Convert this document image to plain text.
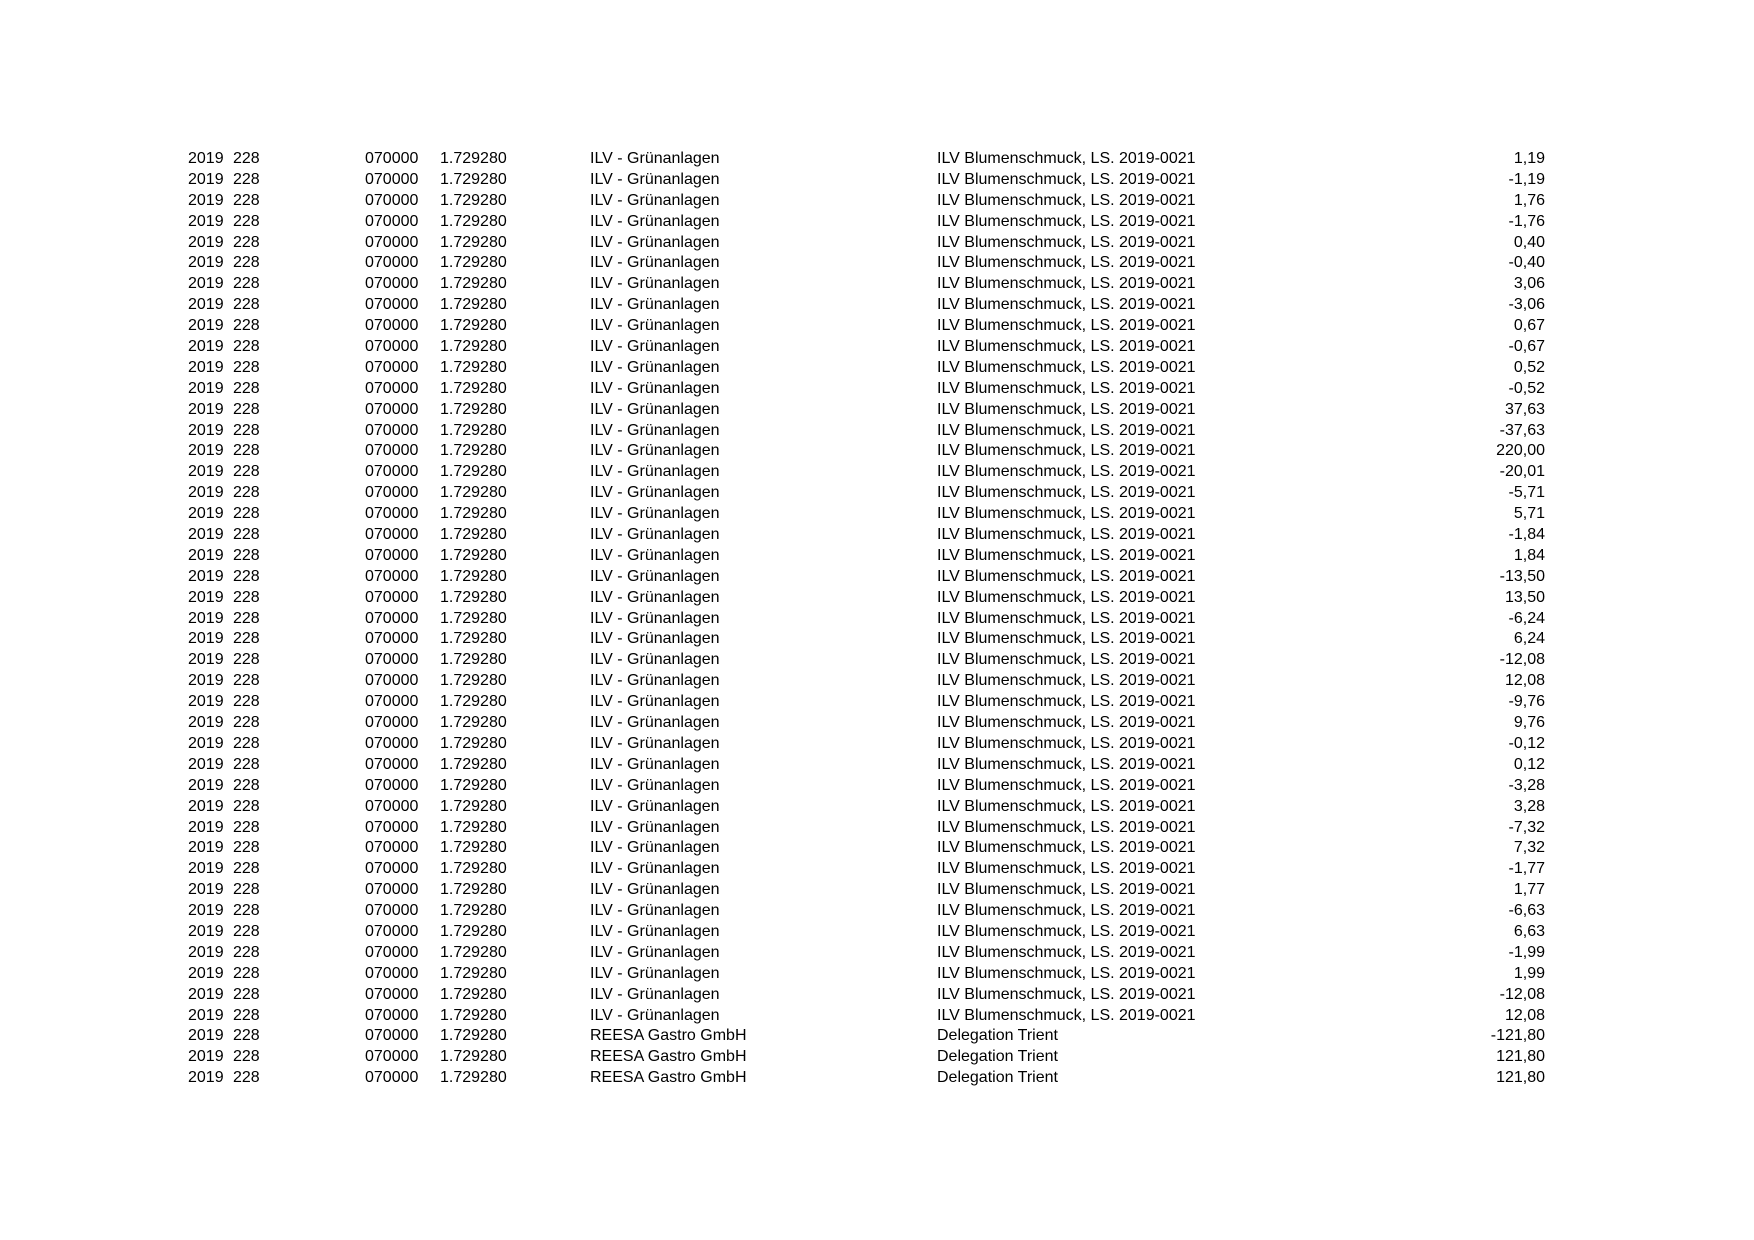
2019 228	070000 1.729280	ILV - Grünanlagen	ILV Blumenschmuck, LS. 2019-0021	1,19
2019 228	070000 1.729280	ILV - Grünanlagen	ILV Blumenschmuck, LS. 2019-0021	-1,19
2019 228	070000 1.729280	ILV - Grünanlagen	ILV Blumenschmuck, LS. 2019-0021	1,76
2019 228	070000 1.729280	ILV - Grünanlagen	ILV Blumenschmuck, LS. 2019-0021	-1,76
2019 228	070000 1.729280	ILV - Grünanlagen	ILV Blumenschmuck, LS. 2019-0021	0,40
2019 228	070000 1.729280	ILV - Grünanlagen	ILV Blumenschmuck, LS. 2019-0021	-0,40
2019 228	070000 1.729280	ILV - Grünanlagen	ILV Blumenschmuck, LS. 2019-0021	3,06
2019 228	070000 1.729280	ILV - Grünanlagen	ILV Blumenschmuck, LS. 2019-0021	-3,06
2019 228	070000 1.729280	ILV - Grünanlagen	ILV Blumenschmuck, LS. 2019-0021	0,67
2019 228	070000 1.729280	ILV - Grünanlagen	ILV Blumenschmuck, LS. 2019-0021	-0,67
2019 228	070000 1.729280	ILV - Grünanlagen	ILV Blumenschmuck, LS. 2019-0021	0,52
2019 228	070000 1.729280	ILV - Grünanlagen	ILV Blumenschmuck, LS. 2019-0021	-0,52
2019 228	070000 1.729280	ILV - Grünanlagen	ILV Blumenschmuck, LS. 2019-0021	37,63
2019 228	070000 1.729280	ILV - Grünanlagen	ILV Blumenschmuck, LS. 2019-0021	-37,63
2019 228	070000 1.729280	ILV - Grünanlagen	ILV Blumenschmuck, LS. 2019-0021	220,00
2019 228	070000 1.729280	ILV - Grünanlagen	ILV Blumenschmuck, LS. 2019-0021	-20,01
2019 228	070000 1.729280	ILV - Grünanlagen	ILV Blumenschmuck, LS. 2019-0021	-5,71
2019 228	070000 1.729280	ILV - Grünanlagen	ILV Blumenschmuck, LS. 2019-0021	5,71
2019 228	070000 1.729280	ILV - Grünanlagen	ILV Blumenschmuck, LS. 2019-0021	-1,84
2019 228	070000 1.729280	ILV - Grünanlagen	ILV Blumenschmuck, LS. 2019-0021	1,84
2019 228	070000 1.729280	ILV - Grünanlagen	ILV Blumenschmuck, LS. 2019-0021	-13,50
2019 228	070000 1.729280	ILV - Grünanlagen	ILV Blumenschmuck, LS. 2019-0021	13,50
2019 228	070000 1.729280	ILV - Grünanlagen	ILV Blumenschmuck, LS. 2019-0021	-6,24
2019 228	070000 1.729280	ILV - Grünanlagen	ILV Blumenschmuck, LS. 2019-0021	6,24
2019 228	070000 1.729280	ILV - Grünanlagen	ILV Blumenschmuck, LS. 2019-0021	-12,08
2019 228	070000 1.729280	ILV - Grünanlagen	ILV Blumenschmuck, LS. 2019-0021	12,08
2019 228	070000 1.729280	ILV - Grünanlagen	ILV Blumenschmuck, LS. 2019-0021	-9,76
2019 228	070000 1.729280	ILV - Grünanlagen	ILV Blumenschmuck, LS. 2019-0021	9,76
2019 228	070000 1.729280	ILV - Grünanlagen	ILV Blumenschmuck, LS. 2019-0021	-0,12
2019 228	070000 1.729280	ILV - Grünanlagen	ILV Blumenschmuck, LS. 2019-0021	0,12
2019 228	070000 1.729280	ILV - Grünanlagen	ILV Blumenschmuck, LS. 2019-0021	-3,28
2019 228	070000 1.729280	ILV - Grünanlagen	ILV Blumenschmuck, LS. 2019-0021	3,28
2019 228	070000 1.729280	ILV - Grünanlagen	ILV Blumenschmuck, LS. 2019-0021	-7,32
2019 228	070000 1.729280	ILV - Grünanlagen	ILV Blumenschmuck, LS. 2019-0021	7,32
2019 228	070000 1.729280	ILV - Grünanlagen	ILV Blumenschmuck, LS. 2019-0021	-1,77
2019 228	070000 1.729280	ILV - Grünanlagen	ILV Blumenschmuck, LS. 2019-0021	1,77
2019 228	070000 1.729280	ILV - Grünanlagen	ILV Blumenschmuck, LS. 2019-0021	-6,63
2019 228	070000 1.729280	ILV - Grünanlagen	ILV Blumenschmuck, LS. 2019-0021	6,63
2019 228	070000 1.729280	ILV - Grünanlagen	ILV Blumenschmuck, LS. 2019-0021	-1,99
2019 228	070000 1.729280	ILV - Grünanlagen	ILV Blumenschmuck, LS. 2019-0021	1,99
2019 228	070000 1.729280	ILV - Grünanlagen	ILV Blumenschmuck, LS. 2019-0021	-12,08
2019 228	070000 1.729280	ILV - Grünanlagen	ILV Blumenschmuck, LS. 2019-0021	12,08
2019 228	070000 1.729280	REESA Gastro GmbH	Delegation Trient	-121,80
2019 228	070000 1.729280	REESA Gastro GmbH	Delegation Trient	121,80
2019 228	070000 1.729280	REESA Gastro GmbH	Delegation Trient	121,80
